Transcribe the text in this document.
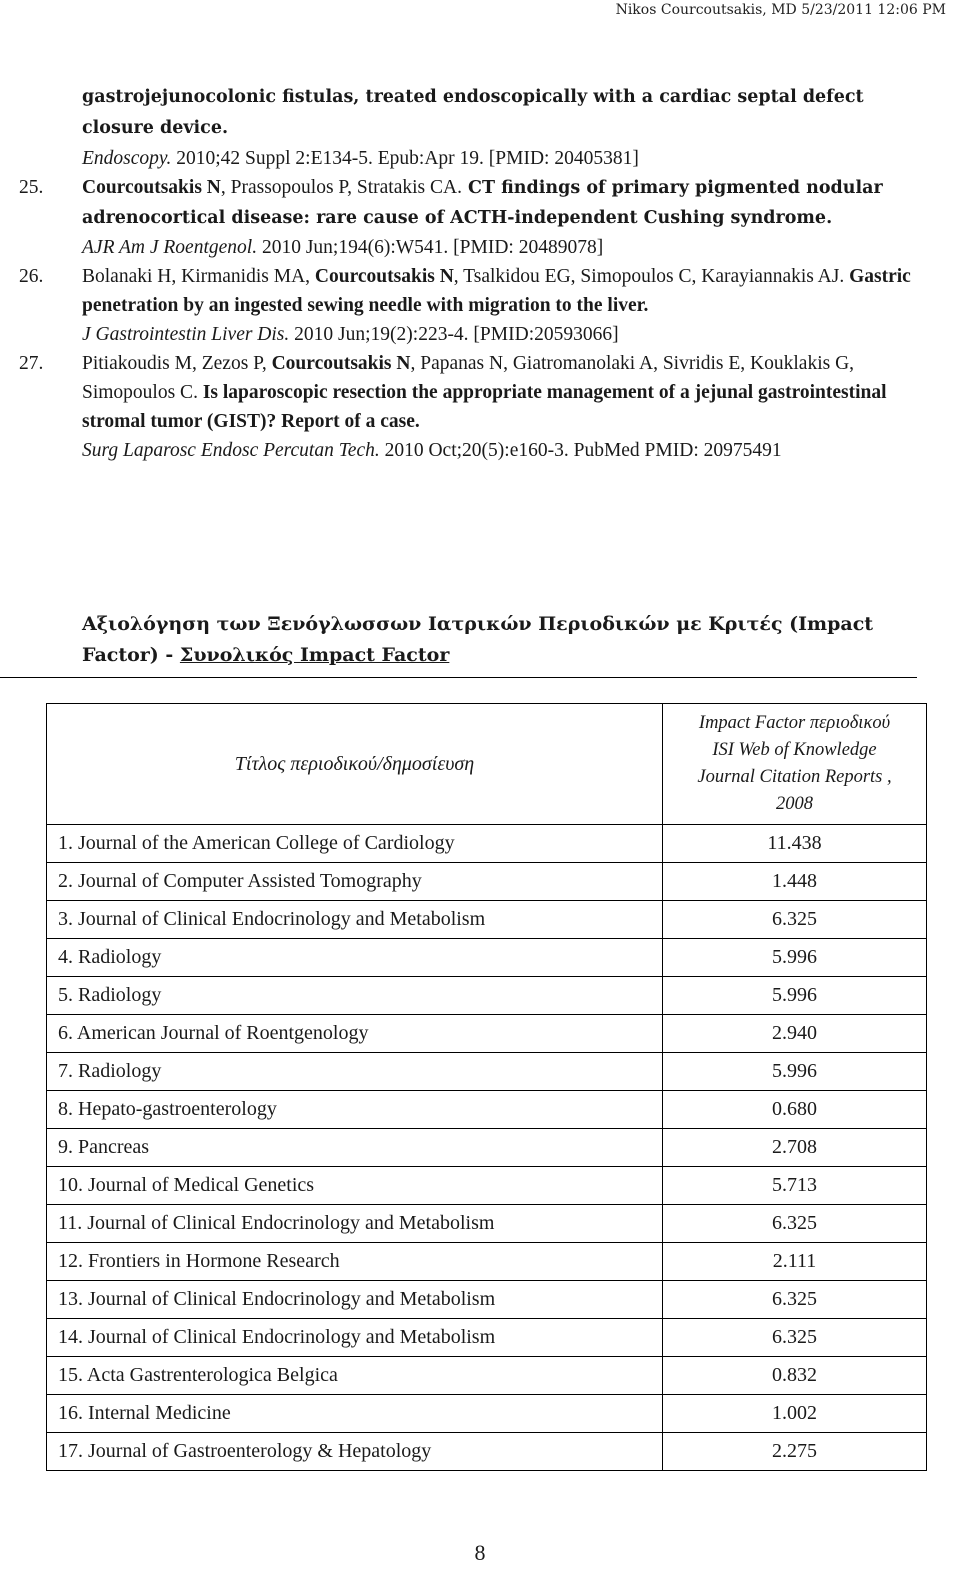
Nikos Courcoutsakis, MD 5/23/2011 12:06 PM
gastrojejunocolonic fistulas, treated endoscopically with a cardiac septal defect
closure device.
Endoscopy. 2010;42 Suppl 2:E134-5. Epub:Apr 19. [PMID: 20405381]
25. Courcoutsakis N, Prassopoulos P, Stratakis CA. CT findings of primary pigmented nodular adrenocortical disease: rare cause of ACTH-independent Cushing syndrome.
AJR Am J Roentgenol. 2010 Jun;194(6):W541. [PMID: 20489078]
26. Bolanaki H, Kirmanidis MA, Courcoutsakis N, Tsalkidou EG, Simopoulos C, Karayiannakis AJ. Gastric penetration by an ingested sewing needle with migration to the liver.
J Gastrointestin Liver Dis. 2010 Jun;19(2):223-4. [PMID:20593066]
27. Pitiakoudis M, Zezos P, Courcoutsakis N, Papanas N, Giatromanolaki A, Sivridis E, Kouklakis G, Simopoulos C. Is laparoscopic resection the appropriate management of a jejunal gastrointestinal stromal tumor (GIST)? Report of a case.
Surg Laparosc Endosc Percutan Tech. 2010 Oct;20(5):e160-3. PubMed PMID: 20975491
Αξιολόγηση των Ξενόγλωσσων Ιατρικών Περιοδικών με Κριτές (Impact Factor) - Συνολικός Impact Factor
Τίτλος περιοδικού/δημοσίευση	Impact Factor περιοδικού
ISI Web of Knowledge
Journal Citation Reports ,
2008

1. Journal of the American College of Cardiology	11.438
2. Journal of Computer Assisted Tomography	1.448
3. Journal of Clinical Endocrinology and Metabolism	6.325
4. Radiology	5.996
5. Radiology	5.996
6. American Journal of Roentgenology	2.940
7. Radiology	5.996
8. Hepato-gastroenterology	0.680
9. Pancreas	2.708
10. Journal of Medical Genetics	5.713
11. Journal of Clinical Endocrinology and Metabolism	6.325
12. Frontiers in Hormone Research	2.111
13. Journal of Clinical Endocrinology and Metabolism	6.325
14. Journal of Clinical Endocrinology and Metabolism	6.325
15. Acta Gastrenterologica Belgica	0.832
16. Internal Medicine	1.002
17. Journal of Gastroenterology & Hepatology	2.275
8
